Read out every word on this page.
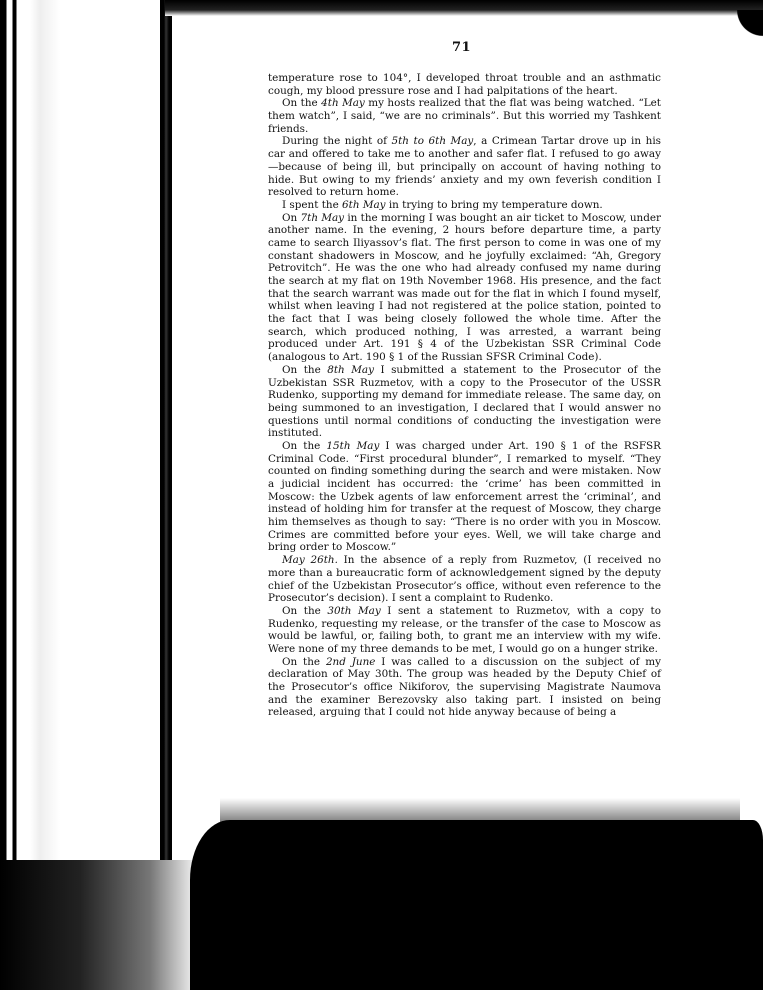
71

temperature rose to 104°, I developed throat trouble and an asthmatic cough, my blood pressure rose and I had palpitations of the heart.

On the 4th May my hosts realized that the flat was being watched. “Let them watch”, I said, “we are no criminals”. But this worried my Tashkent friends.

During the night of 5th to 6th May, a Crimean Tartar drove up in his car and offered to take me to another and safer flat. I refused to go away—because of being ill, but principally on account of having nothing to hide. But owing to my friends’ anxiety and my own feverish condition I resolved to return home.

I spent the 6th May in trying to bring my temperature down.

On 7th May in the morning I was bought an air ticket to Moscow, under another name. In the evening, 2 hours before departure time, a party came to search Iliyassov’s flat. The first person to come in was one of my constant shadowers in Moscow, and he joyfully exclaimed: “Ah, Gregory Petrovitch”. He was the one who had already confused my name during the search at my flat on 19th November 1968. His presence, and the fact that the search warrant was made out for the flat in which I found myself, whilst when leaving I had not registered at the police station, pointed to the fact that I was being closely followed the whole time. After the search, which produced nothing, I was arrested, a warrant being produced under Art. 191 § 4 of the Uzbekistan SSR Criminal Code (analogous to Art. 190 § 1 of the Russian SFSR Criminal Code).

On the 8th May I submitted a statement to the Prosecutor of the Uzbekistan SSR Ruzmetov, with a copy to the Prosecutor of the USSR Rudenko, supporting my demand for immediate release. The same day, on being summoned to an investigation, I declared that I would answer no questions until normal conditions of conducting the investigation were instituted.

On the 15th May I was charged under Art. 190 § 1 of the RSFSR Criminal Code. “First procedural blunder”, I remarked to myself. “They counted on finding something during the search and were mistaken. Now a judicial incident has occurred: the ‘crime’ has been committed in Moscow: the Uzbek agents of law enforcement arrest the ‘criminal’, and instead of holding him for transfer at the request of Moscow, they charge him themselves as though to say: “There is no order with you in Moscow. Crimes are committed before your eyes. Well, we will take charge and bring order to Moscow.”

May 26th. In the absence of a reply from Ruzmetov, (I received no more than a bureaucratic form of acknowledgement signed by the deputy chief of the Uzbekistan Prosecutor’s office, without even reference to the Prosecutor’s decision). I sent a complaint to Rudenko.

On the 30th May I sent a statement to Ruzmetov, with a copy to Rudenko, requesting my release, or the transfer of the case to Moscow as would be lawful, or, failing both, to grant me an interview with my wife. Were none of my three demands to be met, I would go on a hunger strike.

On the 2nd June I was called to a discussion on the subject of my declaration of May 30th. The group was headed by the Deputy Chief of the Prosecutor’s office Nikiforov, the supervising Magistrate Naumova and the examiner Berezovsky also taking part. I insisted on being released, arguing that I could not hide anyway because of being a
